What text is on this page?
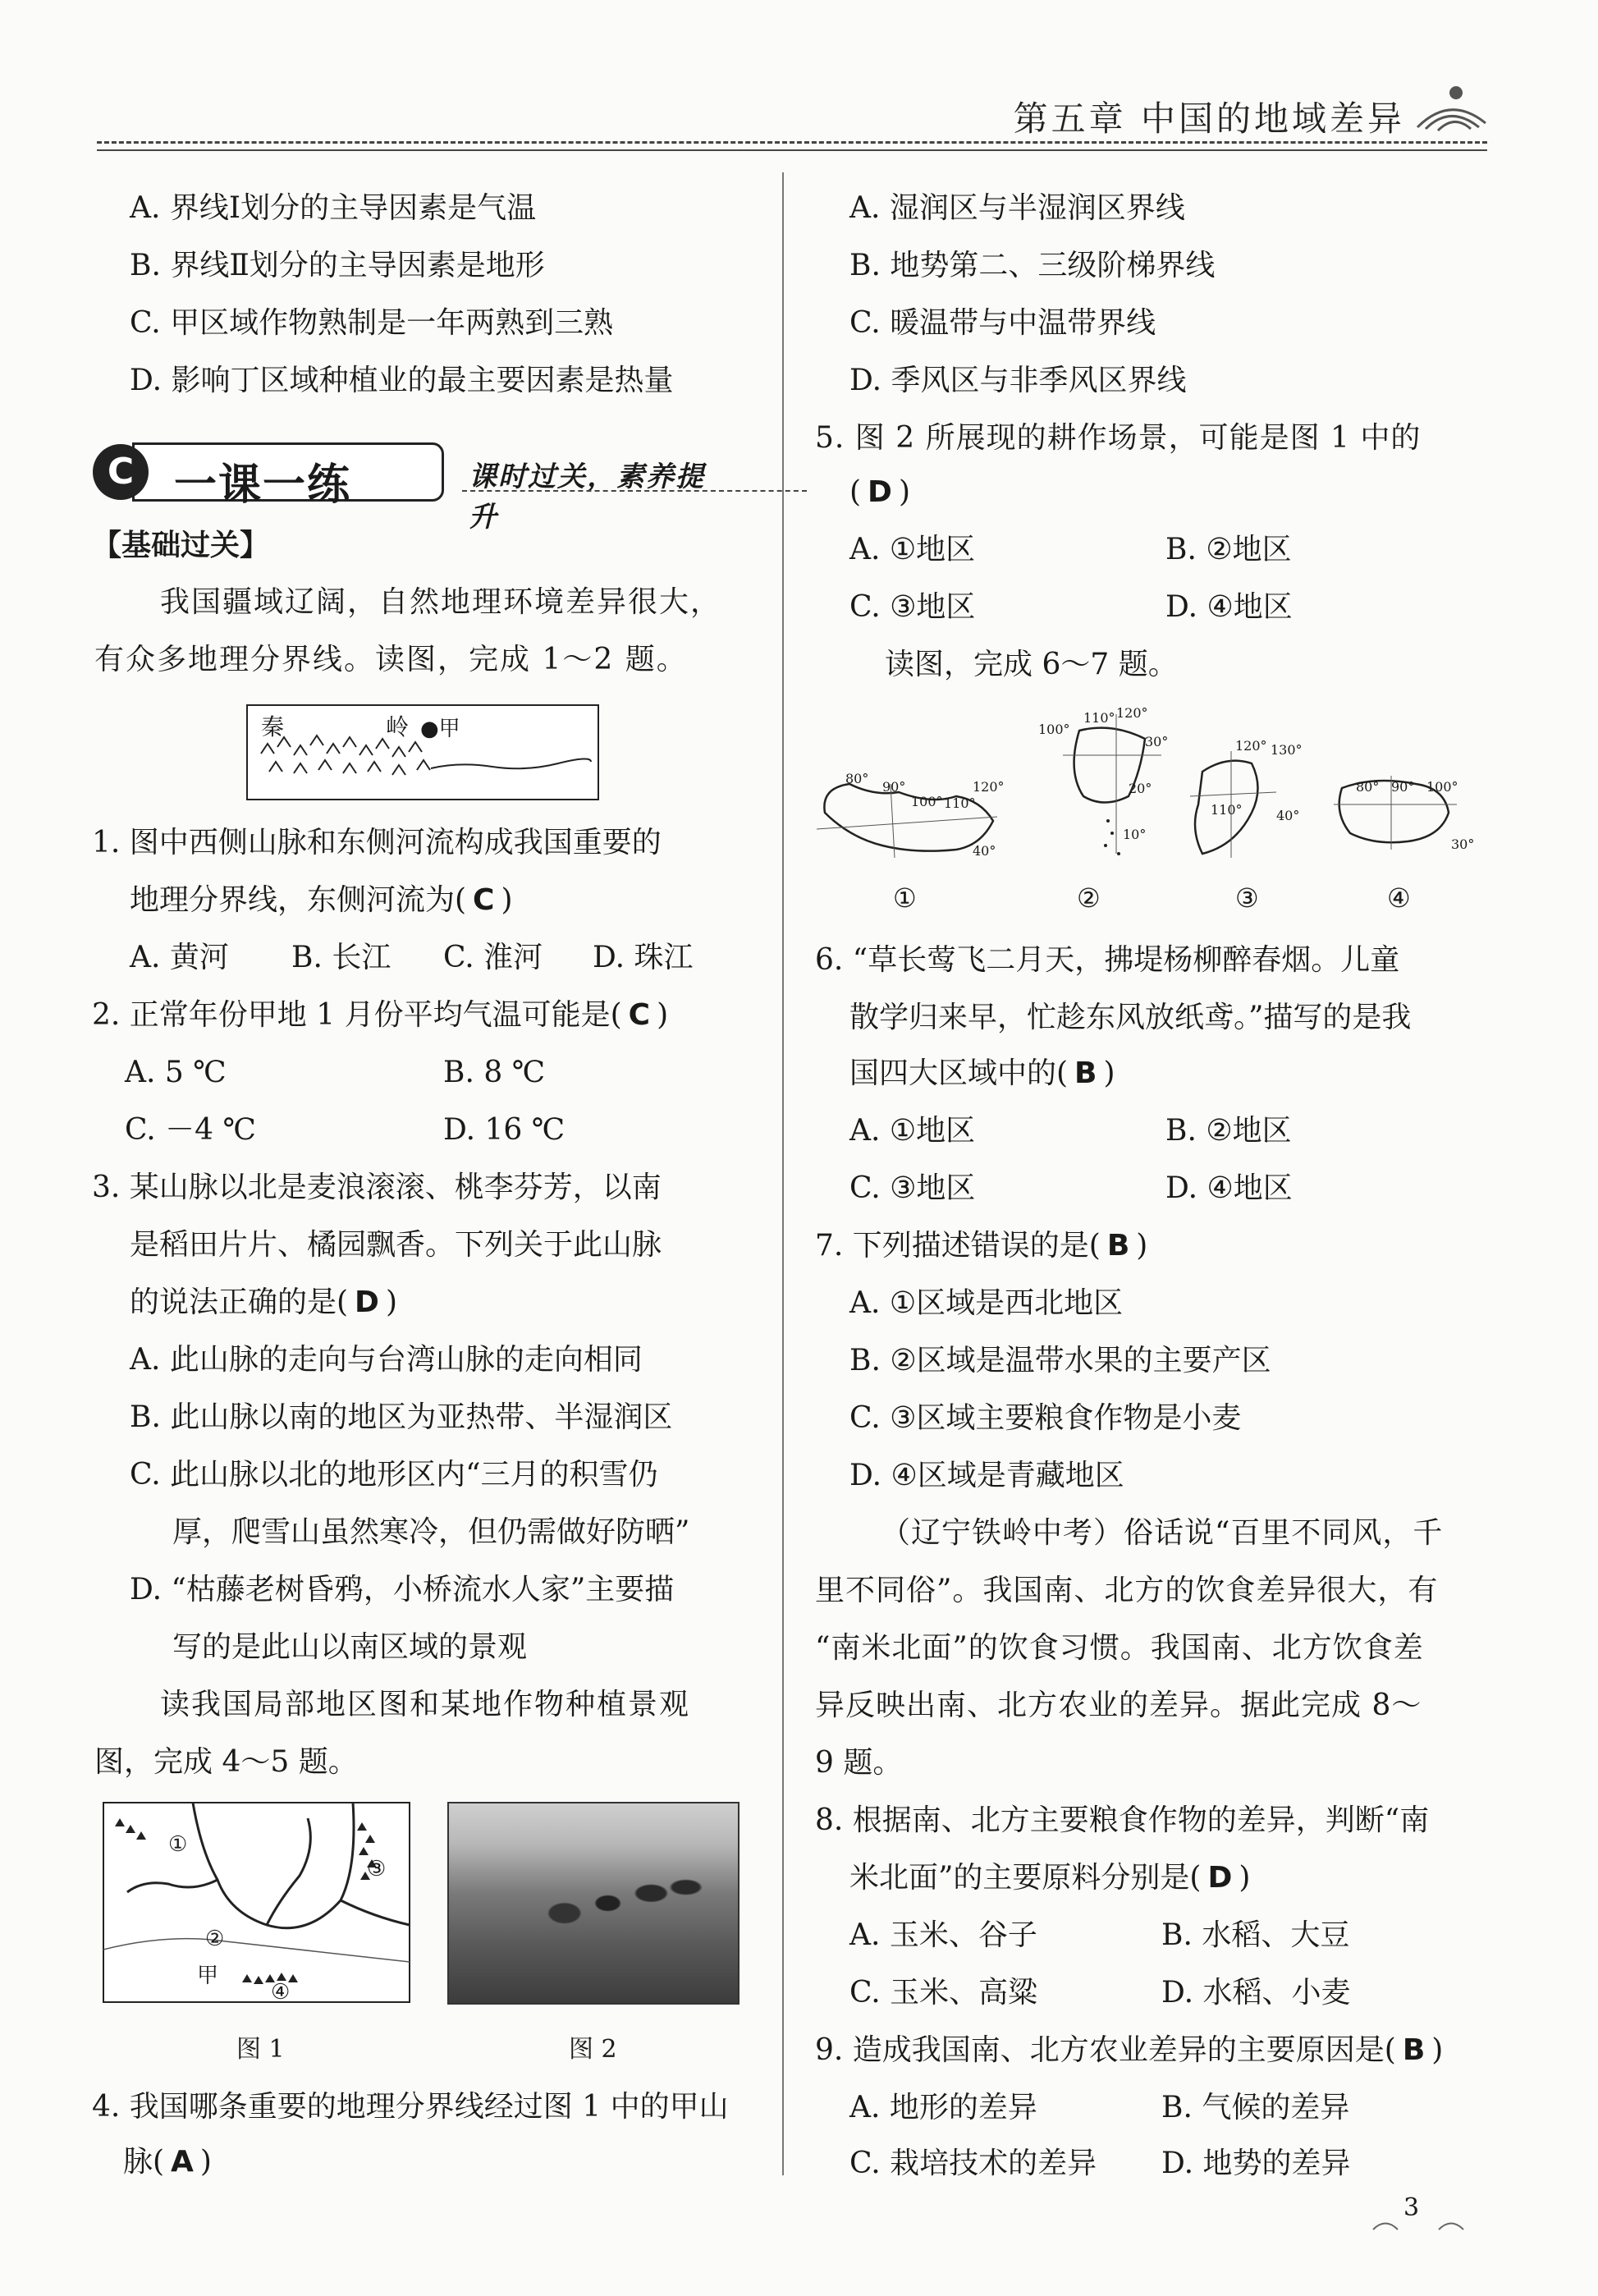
第五章 中国的地域差异
A. 界线Ⅰ划分的主导因素是气温
B. 界线Ⅱ划分的主导因素是地形
C. 甲区域作物熟制是一年两熟到三熟
D. 影响丁区域种植业的最主要因素是热量
一课一练
C	课时过关，素养提升
【基础过关】
我国疆域辽阔，自然地理环境差异很大，
有众多地理分界线。读图，完成 1～2 题。
秦	岭 ●甲
1. 图中西侧山脉和东侧河流构成我国重要的
地理分界线，东侧河流为( C )
A. 黄河 B. 长江 C. 淮河 D. 珠江
2. 正常年份甲地 1 月份平均气温可能是( C )
A. 5 ℃	B. 8 ℃
C. －4 ℃	D. 16 ℃
3. 某山脉以北是麦浪滚滚、桃李芬芳，以南
是稻田片片、橘园飘香。下列关于此山脉
的说法正确的是( D )
A. 此山脉的走向与台湾山脉的走向相同
B. 此山脉以南的地区为亚热带、半湿润区
C. 此山脉以北的地形区内“三月的积雪仍
厚，爬雪山虽然寒冷，但仍需做好防晒”
D. “枯藤老树昏鸦，小桥流水人家”主要描
写的是此山以南区域的景观
读我国局部地区图和某地作物种植景观
图，完成 4～5 题。
①
②
③
④
甲
图 1	图 2
4. 我国哪条重要的地理分界线经过图 1 中的甲山
脉( A )
A. 湿润区与半湿润区界线
B. 地势第二、三级阶梯界线
C. 暖温带与中温带界线
D. 季风区与非季风区界线
5. 图 2 所展现的耕作场景，可能是图 1 中的
( D )
A. ①地区	B. ②地区
C. ③地区	D. ④地区
读图，完成 6～7 题。
80°
90°
100° 110°
120°
40°
110° 120°
100°
30°
20°
10°
120° 130°
110°	40°
80° 90° 100°
30°
①	②	③	④
6. “草长莺飞二月天，拂堤杨柳醉春烟。儿童
散学归来早，忙趁东风放纸鸢。”描写的是我
国四大区域中的( B )
A. ①地区	B. ②地区
C. ③地区	D. ④地区
7. 下列描述错误的是( B )
A. ①区域是西北地区
B. ②区域是温带水果的主要产区
C. ③区域主要粮食作物是小麦
D. ④区域是青藏地区
（辽宁铁岭中考）俗话说“百里不同风，千
里不同俗”。我国南、北方的饮食差异很大，有
“南米北面”的饮食习惯。我国南、北方饮食差
异反映出南、北方农业的差异。据此完成 8～
9 题。
8. 根据南、北方主要粮食作物的差异，判断“南
米北面”的主要原料分别是( D )
A. 玉米、谷子	B. 水稻、大豆
C. 玉米、高粱	D. 水稻、小麦
9. 造成我国南、北方农业差异的主要原因是( B )
A. 地形的差异	B. 气候的差异
C. 栽培技术的差异 D. 地势的差异
3
